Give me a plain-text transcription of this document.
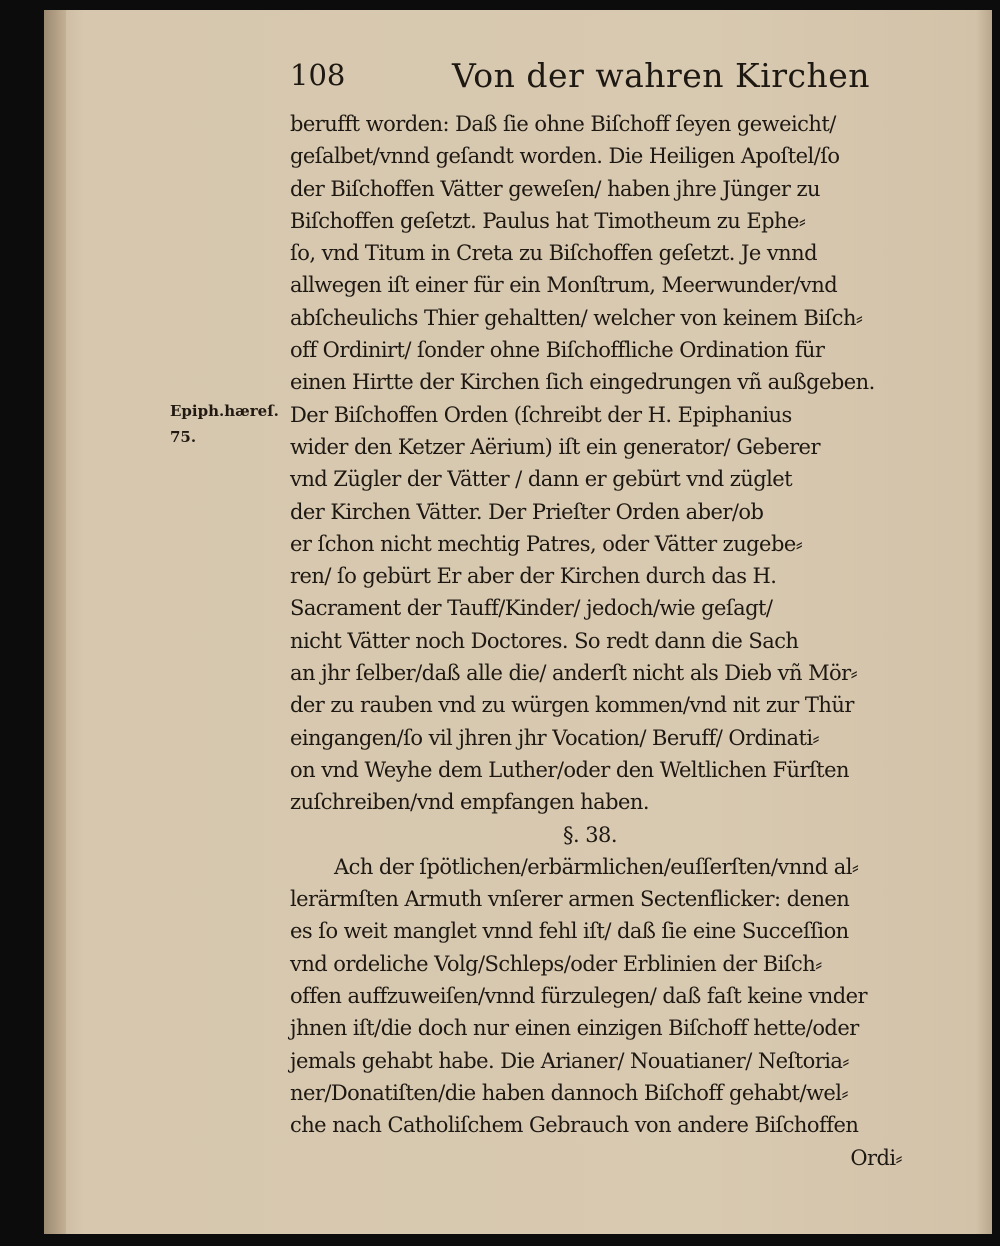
108	Von der wahren Kirchen
Epiph.hæreſ.
75.
berufft worden: Daß ſie ohne Biſchoff ſeyen geweicht/
geſalbet/vnnd geſandt worden. Die Heiligen Apoſtel/ſo
der Biſchoffen Vätter geweſen/ haben jhre Jünger zu
Biſchoffen geſetzt. Paulus hat Timotheum zu Ephe⸗
ſo, vnd Titum in Creta zu Biſchoffen geſetzt. Je vnnd
allwegen iſt einer für ein Monſtrum, Meerwunder/vnd
abſcheulichs Thier gehaltten/ welcher von keinem Biſch⸗
off Ordinirt/ ſonder ohne Biſchoffliche Ordination für
einen Hirtte der Kirchen ſich eingedrungen vñ außgeben.
Der Biſchoffen Orden (ſchreibt der H. Epiphanius
wider den Ketzer Aërium) iſt ein generator/ Geberer
vnd Zügler der Vätter / dann er gebürt vnd züglet
der Kirchen Vätter. Der Prieſter Orden aber/ob
er ſchon nicht mechtig Patres, oder Vätter zugebe⸗
ren/ ſo gebürt Er aber der Kirchen durch das H.
Sacrament der Tauff/Kinder/ jedoch/wie geſagt/
nicht Vätter noch Doctores. So redt dann die Sach
an jhr ſelber/daß alle die/ anderſt nicht als Dieb vñ Mör⸗
der zu rauben vnd zu würgen kommen/vnd nit zur Thür
eingangen/ſo vil jhren jhr Vocation/ Beruff/ Ordinati⸗
on vnd Weyhe dem Luther/oder den Weltlichen Fürſten
zuſchreiben/vnd empfangen haben.
§. 38.
Ach der ſpötlichen/erbärmlichen/euſſerſten/vnnd al⸗
lerärmſten Armuth vnſerer armen Sectenflicker: denen
es ſo weit manglet vnnd fehl iſt/ daß ſie eine Succeſſion
vnd ordeliche Volg/Schleps/oder Erblinien der Biſch⸗
offen auffzuweiſen/vnnd fürzulegen/ daß faſt keine vnder
jhnen iſt/die doch nur einen einzigen Biſchoff hette/oder
jemals gehabt habe. Die Arianer/ Nouatianer/ Neſtoria⸗
ner/Donatiſten/die haben dannoch Biſchoff gehabt/wel⸗
che nach Catholiſchem Gebrauch von andere Biſchoffen
Ordi⸗
